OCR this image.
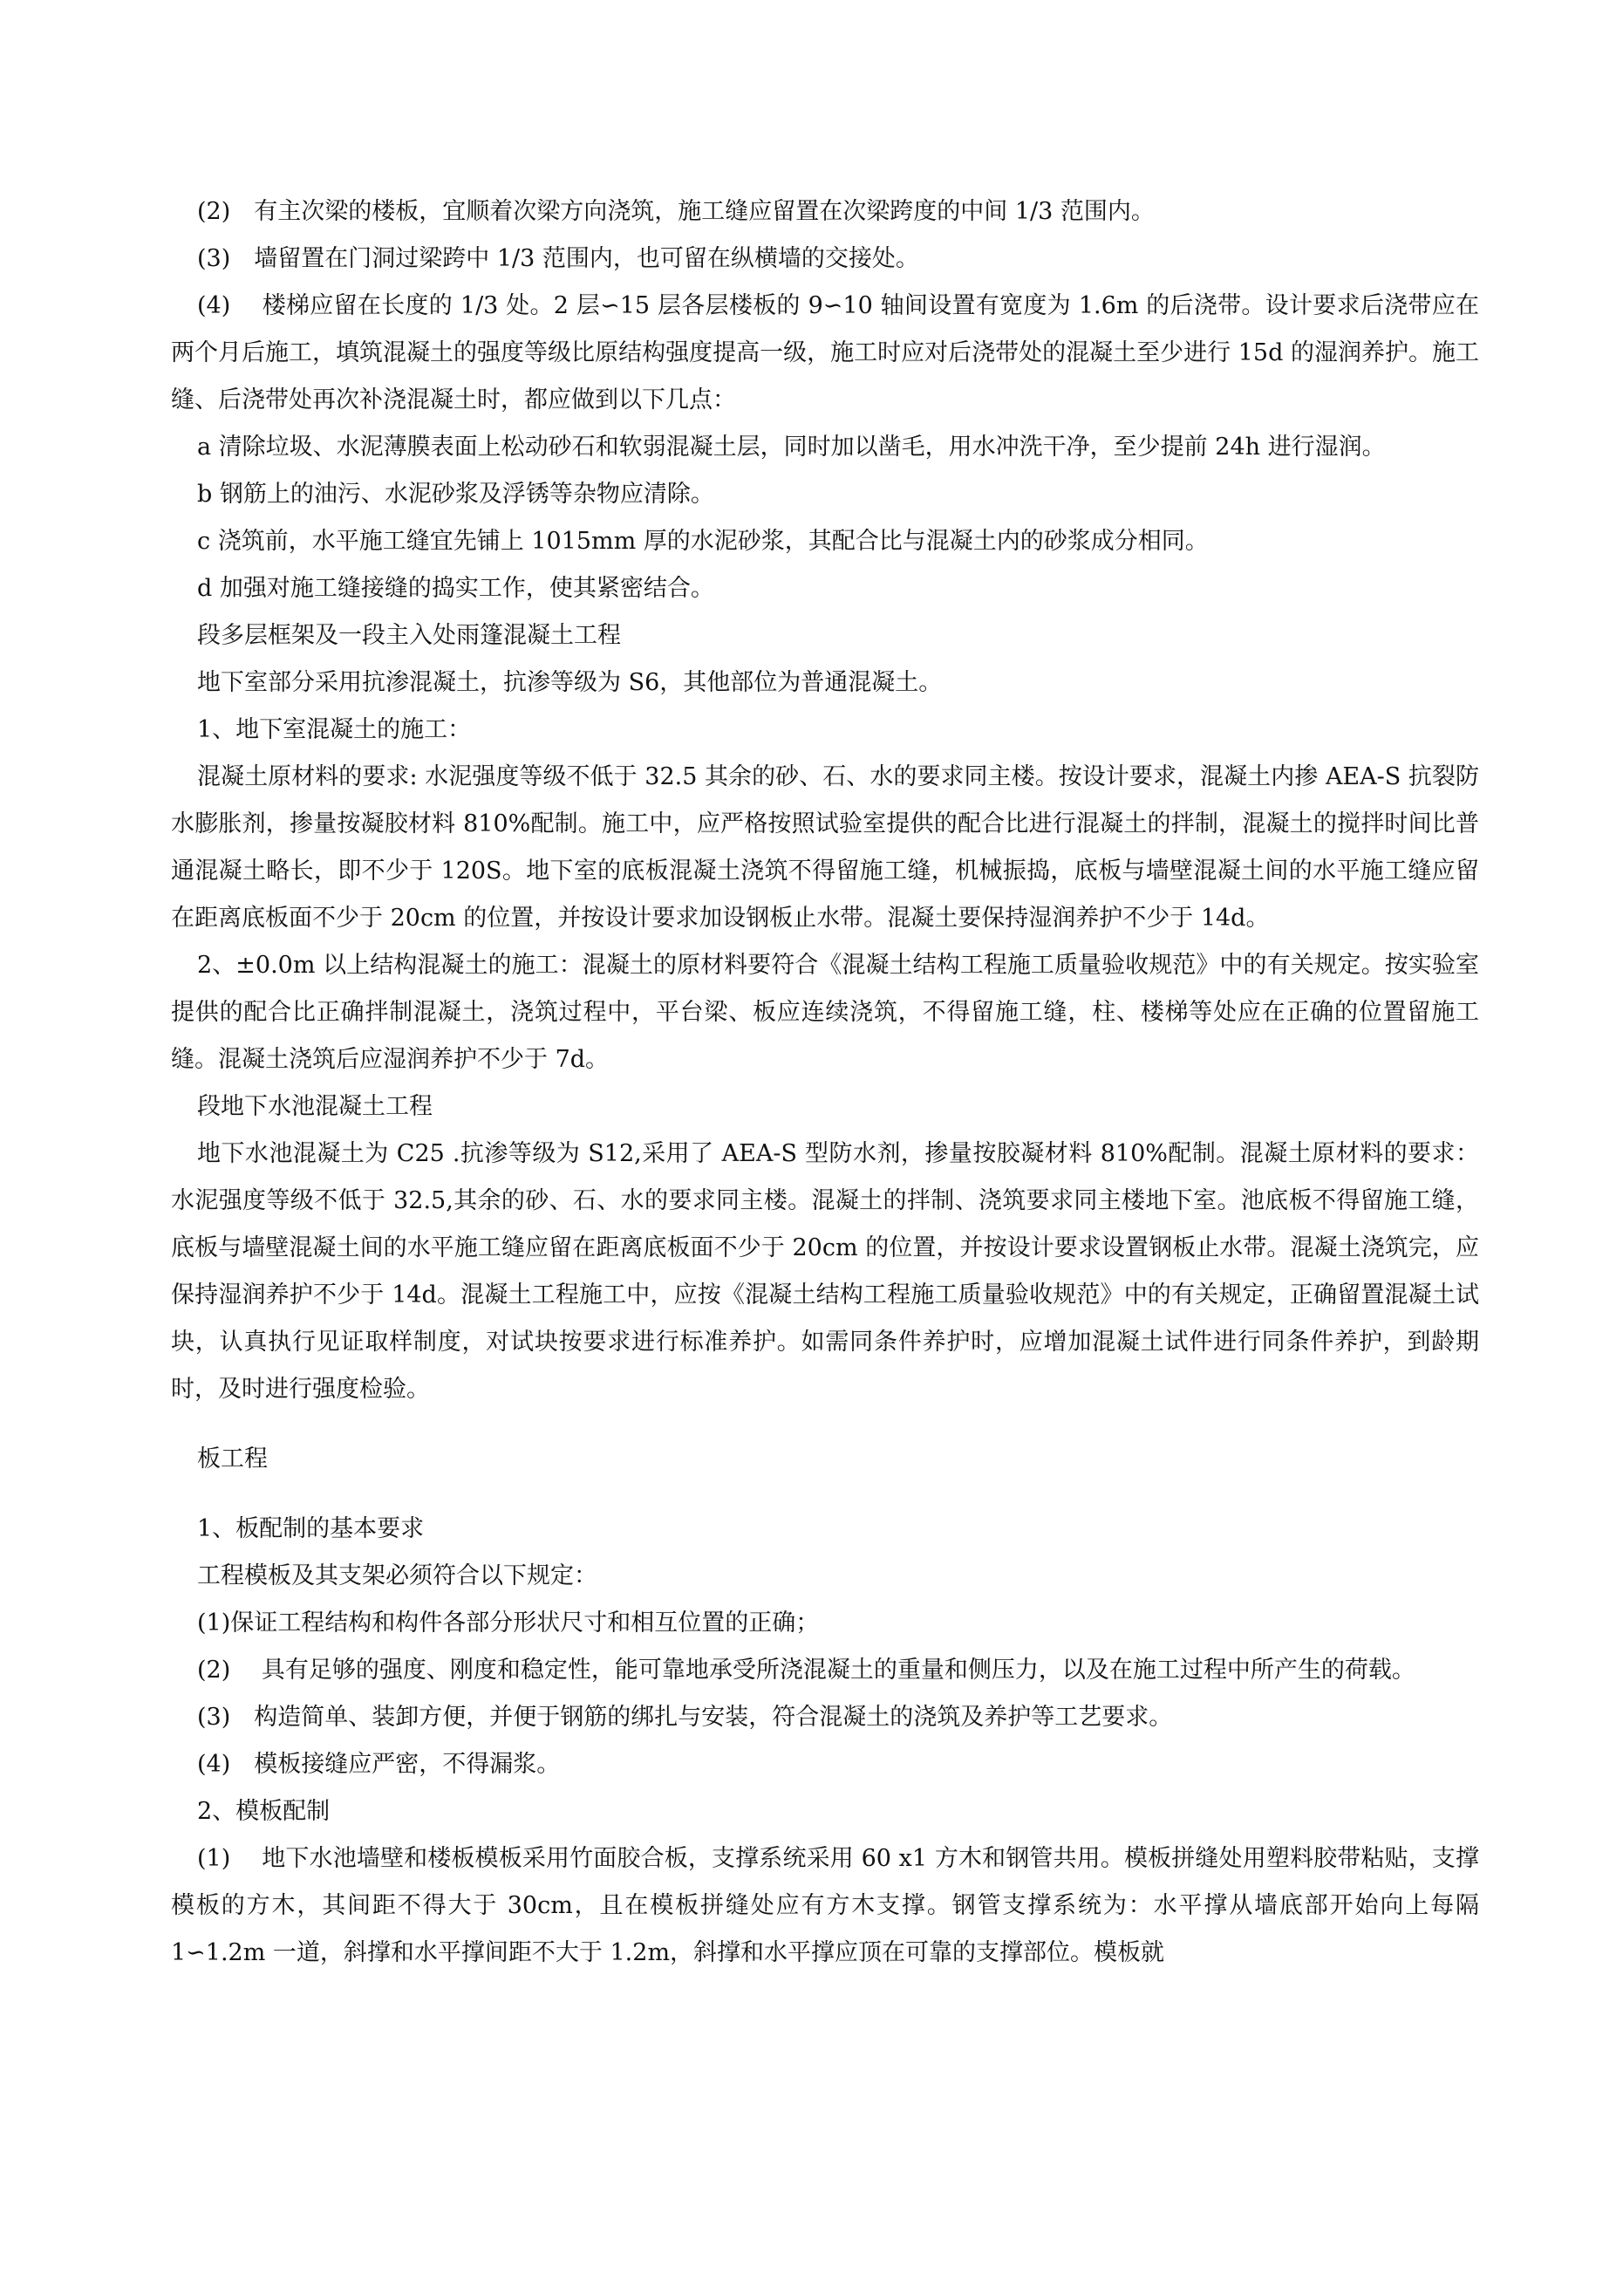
(2)　有主次梁的楼板，宜顺着次梁方向浇筑，施工缝应留置在次梁跨度的中间 1/3 范围内。

(3)　墙留置在门洞过梁跨中 1/3 范围内，也可留在纵横墙的交接处。

(4)　 楼梯应留在长度的 1/3 处。2 层∽15 层各层楼板的 9∽10 轴间设置有宽度为 1.6m 的后浇带。设计要求后浇带应在两个月后施工，填筑混凝土的强度等级比原结构强度提高一级，施工时应对后浇带处的混凝土至少进行 15d 的湿润养护。施工缝、后浇带处再次补浇混凝土时，都应做到以下几点：

a 清除垃圾、水泥薄膜表面上松动砂石和软弱混凝土层，同时加以凿毛，用水冲洗干净，至少提前 24h 进行湿润。

b 钢筋上的油污、水泥砂浆及浮锈等杂物应清除。

c 浇筑前，水平施工缝宜先铺上 1015mm 厚的水泥砂浆，其配合比与混凝土内的砂浆成分相同。

d 加强对施工缝接缝的捣实工作，使其紧密结合。

段多层框架及一段主入处雨篷混凝土工程

地下室部分采用抗渗混凝土，抗渗等级为 S6，其他部位为普通混凝土。

1、地下室混凝土的施工：

混凝土原材料的要求: 水泥强度等级不低于 32.5 其余的砂、石、水的要求同主楼。按设计要求，混凝土内掺 AEA-S 抗裂防水膨胀剂，掺量按凝胶材料 810%配制。施工中，应严格按照试验室提供的配合比进行混凝土的拌制，混凝土的搅拌时间比普通混凝土略长，即不少于 120S。地下室的底板混凝土浇筑不得留施工缝，机械振捣，底板与墙壁混凝土间的水平施工缝应留在距离底板面不少于 20cm 的位置，并按设计要求加设钢板止水带。混凝土要保持湿润养护不少于 14d。

2、±0.0m 以上结构混凝土的施工：混凝土的原材料要符合《混凝土结构工程施工质量验收规范》中的有关规定。按实验室提供的配合比正确拌制混凝土，浇筑过程中，平台梁、板应连续浇筑，不得留施工缝，柱、楼梯等处应在正确的位置留施工缝。混凝土浇筑后应湿润养护不少于 7d。

段地下水池混凝土工程

地下水池混凝土为 C25 .抗渗等级为 S12,采用了 AEA-S 型防水剂，掺量按胶凝材料 810%配制。混凝土原材料的要求：水泥强度等级不低于 32.5,其余的砂、石、水的要求同主楼。混凝土的拌制、浇筑要求同主楼地下室。池底板不得留施工缝，底板与墙壁混凝土间的水平施工缝应留在距离底板面不少于 20cm 的位置，并按设计要求设置钢板止水带。混凝土浇筑完，应保持湿润养护不少于 14d。混凝土工程施工中，应按《混凝土结构工程施工质量验收规范》中的有关规定，正确留置混凝土试块，认真执行见证取样制度，对试块按要求进行标准养护。如需同条件养护时，应增加混凝土试件进行同条件养护，到龄期时，及时进行强度检验。

板工程

1、板配制的基本要求

工程模板及其支架必须符合以下规定：

(1)保证工程结构和构件各部分形状尺寸和相互位置的正确；

(2)　 具有足够的强度、刚度和稳定性，能可靠地承受所浇混凝土的重量和侧压力，以及在施工过程中所产生的荷载。

(3)　构造简单、装卸方便，并便于钢筋的绑扎与安装，符合混凝土的浇筑及养护等工艺要求。

(4)　模板接缝应严密，不得漏浆。

2、模板配制

(1)　 地下水池墙壁和楼板模板采用竹面胶合板，支撑系统采用 60 x1 方木和钢管共用。模板拼缝处用塑料胶带粘贴，支撑模板的方木，其间距不得大于 30cm，且在模板拼缝处应有方木支撑。钢管支撑系统为：水平撑从墙底部开始向上每隔 1∽1.2m 一道，斜撑和水平撑间距不大于 1.2m，斜撑和水平撑应顶在可靠的支撑部位。模板就
